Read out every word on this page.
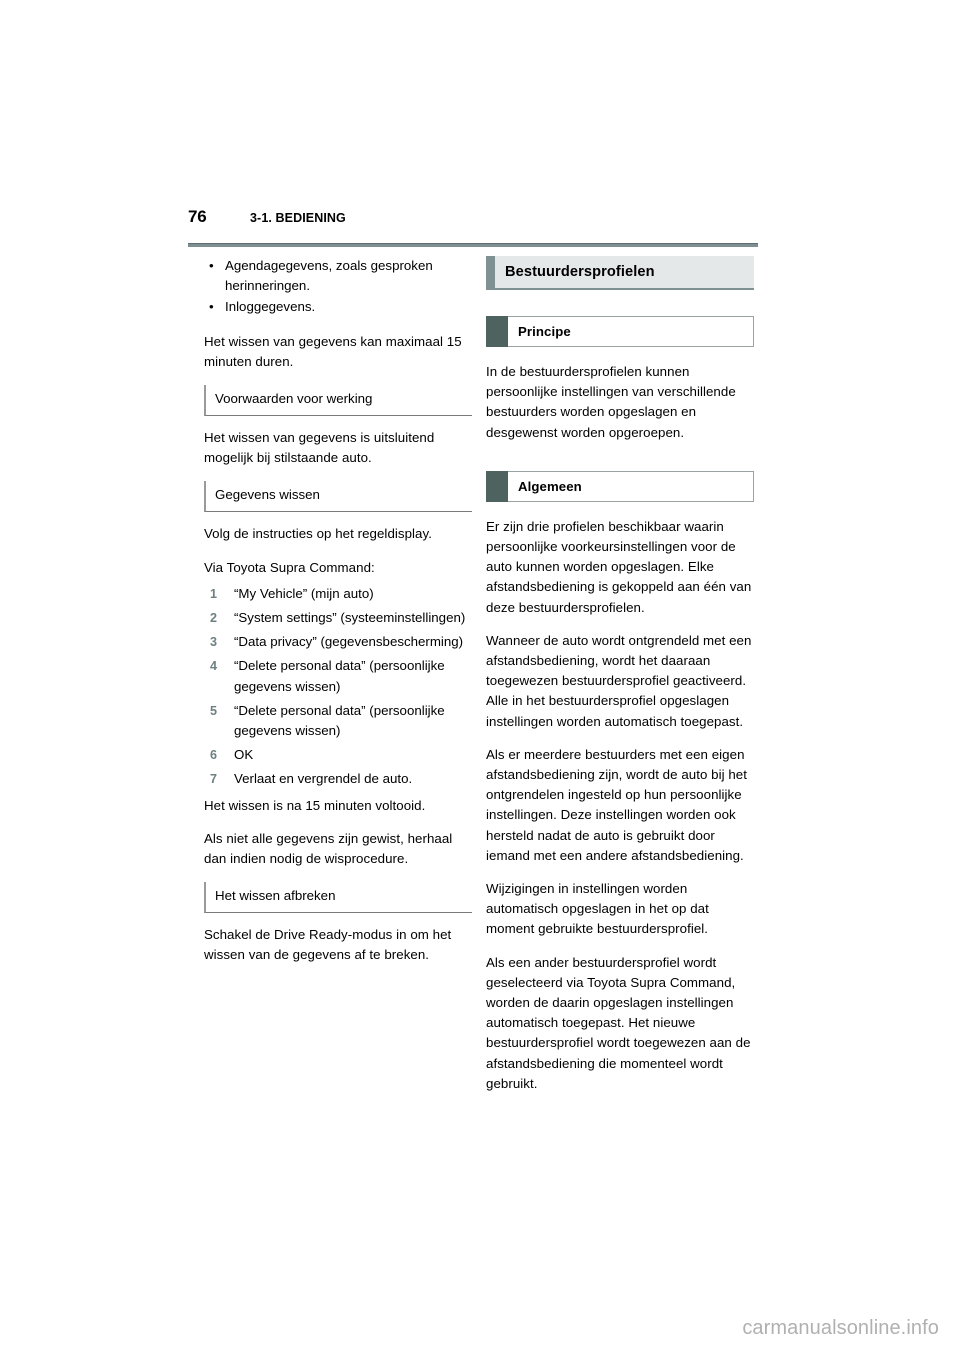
76	3-1. BEDIENING
• Agendagegevens, zoals gesproken herinneringen.
• Inloggegevens.

Het wissen van gegevens kan maximaal 15 minuten duren.

Voorwaarden voor werking

Het wissen van gegevens is uitsluitend mogelijk bij stilstaande auto.

Gegevens wissen

Volg de instructies op het regeldisplay.

Via Toyota Supra Command:

1 “My Vehicle” (mijn auto)
2 “System settings” (systeeminstellingen)
3 “Data privacy” (gegevensbescherming)
4 “Delete personal data” (persoonlijke gegevens wissen)
5 “Delete personal data” (persoonlijke gegevens wissen)
6 OK
7 Verlaat en vergrendel de auto.

Het wissen is na 15 minuten voltooid.

Als niet alle gegevens zijn gewist, herhaal dan indien nodig de wisprocedure.

Het wissen afbreken

Schakel de Drive Ready-modus in om het wissen van de gegevens af te breken.

Bestuurdersprofielen
Principe

In de bestuurdersprofielen kunnen persoonlijke instellingen van verschillende bestuurders worden opgeslagen en desgewenst worden opgeroepen.

Algemeen

Er zijn drie profielen beschikbaar waarin persoonlijke voorkeursinstellingen voor de auto kunnen worden opgeslagen. Elke afstandsbediening is gekoppeld aan één van deze bestuurdersprofielen.

Wanneer de auto wordt ontgrendeld met een afstandsbediening, wordt het daaraan toegewezen bestuurdersprofiel geactiveerd. Alle in het bestuurdersprofiel opgeslagen instellingen worden automatisch toegepast.

Als er meerdere bestuurders met een eigen afstandsbediening zijn, wordt de auto bij het ontgrendelen ingesteld op hun persoonlijke instellingen. Deze instellingen worden ook hersteld nadat de auto is gebruikt door iemand met een andere afstandsbediening.

Wijzigingen in instellingen worden automatisch opgeslagen in het op dat moment gebruikte bestuurdersprofiel.

Als een ander bestuurdersprofiel wordt geselecteerd via Toyota Supra Command, worden de daarin opgeslagen instellingen automatisch toegepast. Het nieuwe bestuurdersprofiel wordt toegewezen aan de afstandsbediening die momenteel wordt gebruikt.

carmanualsonline.info
